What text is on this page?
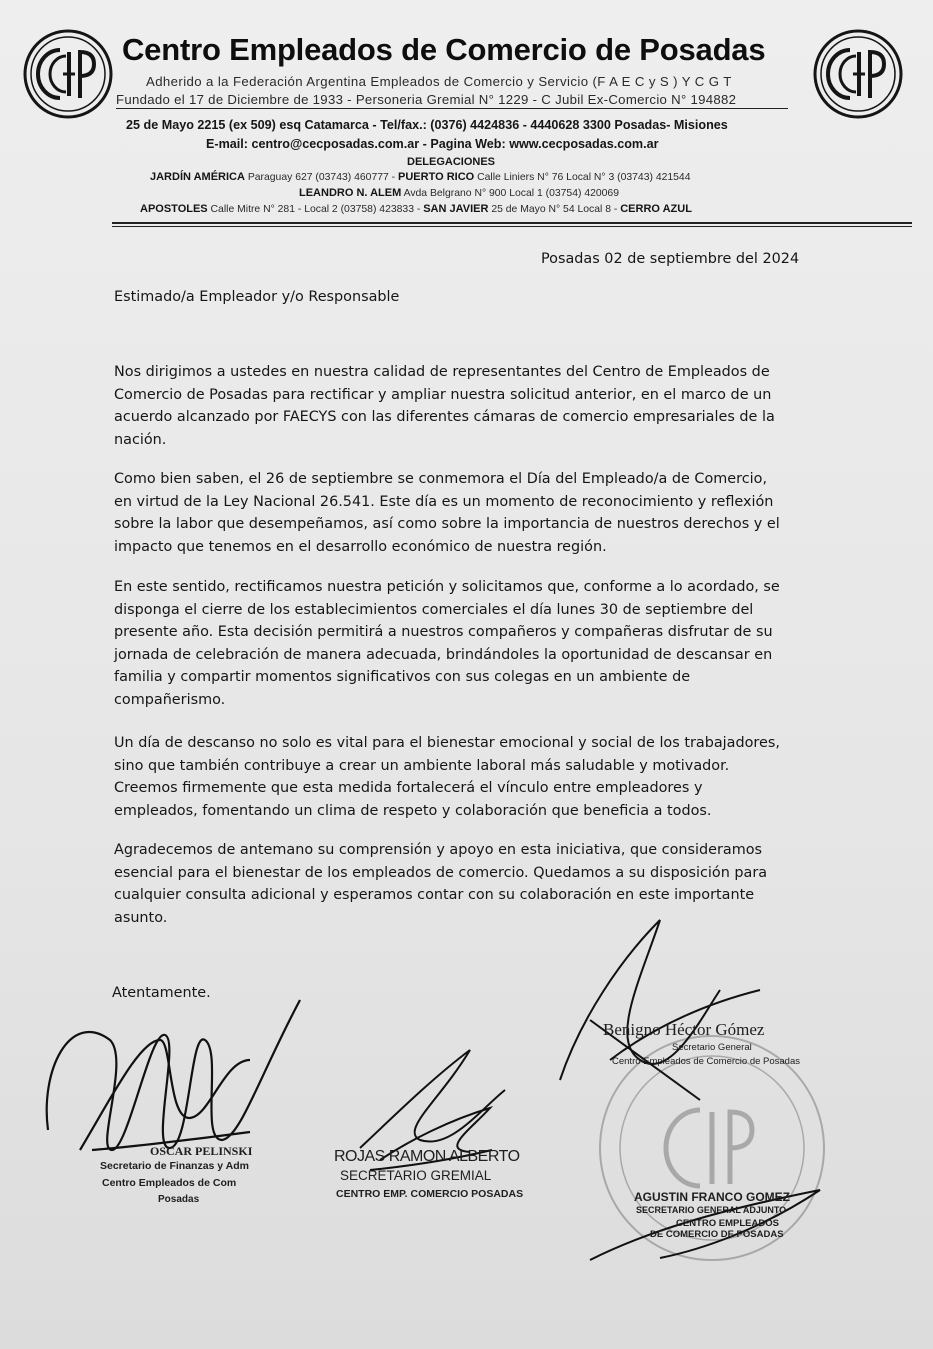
Centro Empleados de Comercio de Posadas
Adherido a la Federación Argentina Empleados de Comercio y Servicio (F A E C y S ) Y C G T
Fundado el 17 de Diciembre de 1933 - Personeria Gremial N° 1229 - C Jubil Ex-Comercio N° 194882
25 de Mayo 2215 (ex 509) esq Catamarca - Tel/fax.: (0376) 4424836 - 4440628 3300 Posadas- Misiones
E-mail: centro@cecposadas.com.ar - Pagina Web: www.cecposadas.com.ar
DELEGACIONES
JARDÍN AMÉRICA Paraguay 627 (03743) 460777 - PUERTO RICO Calle Liniers N° 76 Local N° 3 (03743) 421544
LEANDRO N. ALEM Avda Belgrano N° 900 Local 1 (03754) 420069
APOSTOLES Calle Mitre N° 281 - Local 2 (03758) 423833 - SAN JAVIER 25 de Mayo N° 54 Local 8 - CERRO AZUL
Posadas 02 de septiembre del 2024
Estimado/a Empleador y/o Responsable

Nos dirigimos a ustedes en nuestra calidad de representantes del Centro de Empleados de Comercio de Posadas para rectificar y ampliar nuestra solicitud anterior, en el marco de un acuerdo alcanzado por FAECYS con las diferentes cámaras de comercio empresariales de la nación.

Como bien saben, el 26 de septiembre se conmemora el Día del Empleado/a de Comercio, en virtud de la Ley Nacional 26.541. Este día es un momento de reconocimiento y reflexión sobre la labor que desempeñamos, así como sobre la importancia de nuestros derechos y el impacto que tenemos en el desarrollo económico de nuestra región.

En este sentido, rectificamos nuestra petición y solicitamos que, conforme a lo acordado, se disponga el cierre de los establecimientos comerciales el día lunes 30 de septiembre del presente año. Esta decisión permitirá a nuestros compañeros y compañeras disfrutar de su jornada de celebración de manera adecuada, brindándoles la oportunidad de descansar en familia y compartir momentos significativos con sus colegas en un ambiente de compañerismo.

Un día de descanso no solo es vital para el bienestar emocional y social de los trabajadores, sino que también contribuye a crear un ambiente laboral más saludable y motivador. Creemos firmemente que esta medida fortalecerá el vínculo entre empleadores y empleados, fomentando un clima de respeto y colaboración que beneficia a todos.

Agradecemos de antemano su comprensión y apoyo en esta iniciativa, que consideramos esencial para el bienestar de los empleados de comercio. Quedamos a su disposición para cualquier consulta adicional y esperamos contar con su colaboración en este importante asunto.

Atentamente.
OSCAR PELINSKI
Secretario de Finanzas y Adm
Centro Empleados de Com
Posadas
ROJAS RAMON ALBERTO
SECRETARIO GREMIAL
CENTRO EMP. COMERCIO POSADAS
Benigno Héctor Gómez
Secretario General
Centro Empleados de Comercio de Posadas
AGUSTIN FRANCO GOMEZ
SECRETARIO GENERAL ADJUNTO
CENTRO EMPLEADOS
DE COMERCIO DE POSADAS
